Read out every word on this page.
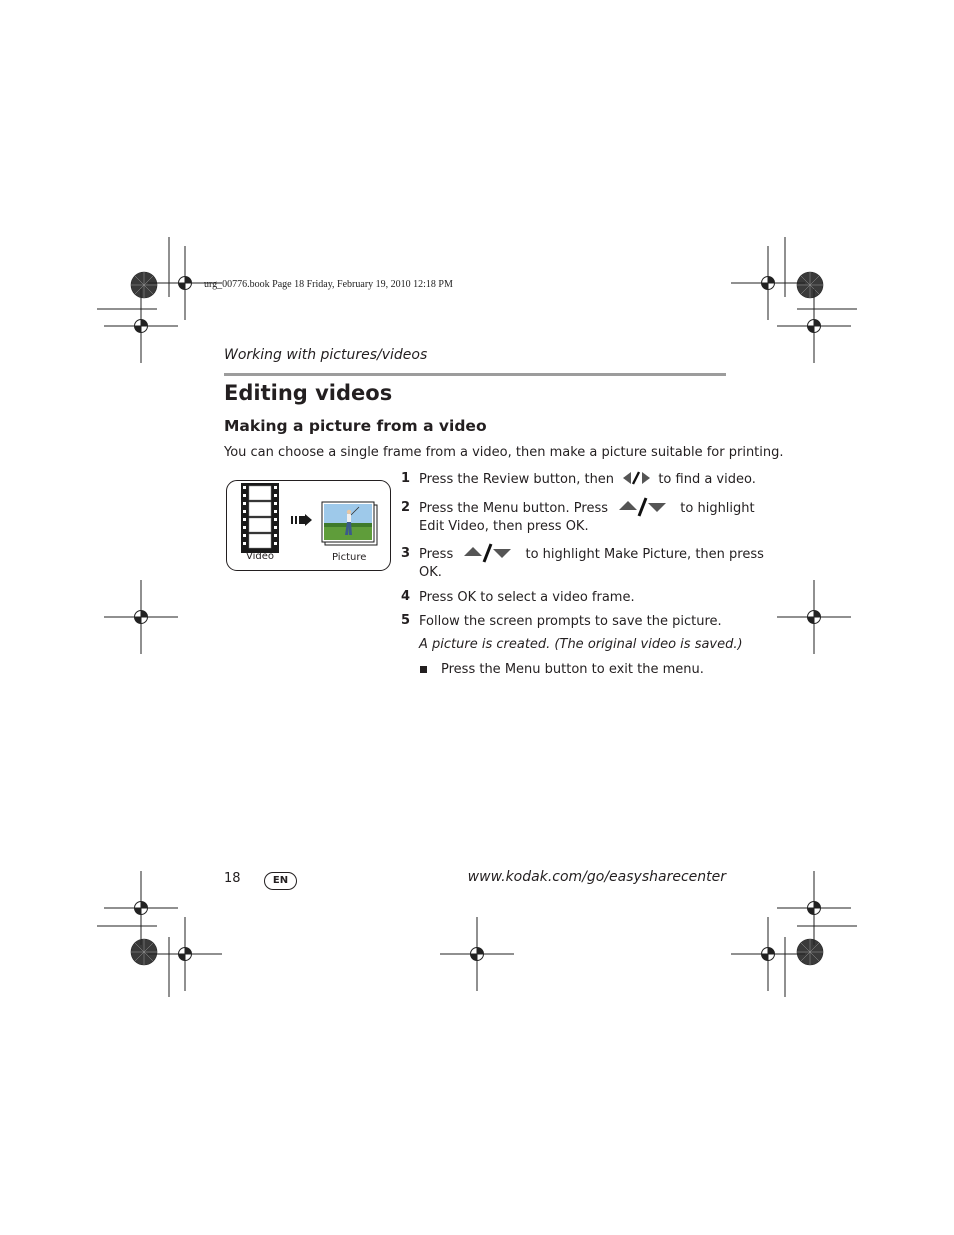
urg_00776.book Page 18 Friday, February 19, 2010 12:18 PM
Working with pictures/videos
Editing videos
Making a picture from a video
You can choose a single frame from a video, then make a picture suitable for printing.
Video	Picture
1 Press the Review button, then	to find a video.
2 Press the Menu button. Press	to highlight
Edit Video, then press OK.
3 Press	to highlight Make Picture, then press
OK.
4 Press OK to select a video frame.
5 Follow the screen prompts to save the picture.
A picture is created. (The original video is saved.)
Press the Menu button to exit the menu.
18	EN	www.kodak.com/go/easysharecenter
